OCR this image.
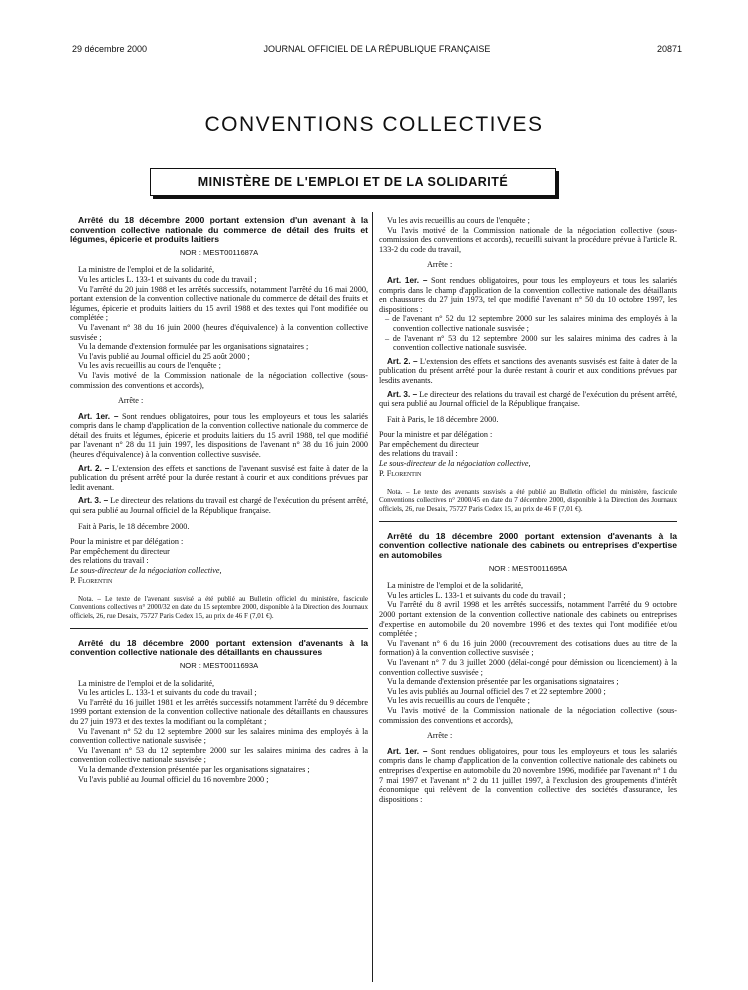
29 décembre 2000	JOURNAL OFFICIEL DE LA RÉPUBLIQUE FRANÇAISE	20871
CONVENTIONS COLLECTIVES
MINISTÈRE DE L'EMPLOI ET DE LA SOLIDARITÉ

Arrêté du 18 décembre 2000 portant extension d'un avenant à la convention collective nationale du commerce de détail des fruits et légumes, épicerie et produits laitiers

NOR : MEST0011687A

La ministre de l'emploi et de la solidarité,

Vu les articles L. 133-1 et suivants du code du travail ;

Vu l'arrêté du 20 juin 1988 et les arrêtés successifs, notamment l'arrêté du 16 mai 2000, portant extension de la convention collective nationale du commerce de détail des fruits et légumes, épicerie et produits laitiers du 15 avril 1988 et des textes qui l'ont modifiée ou complétée ;

Vu l'avenant n° 38 du 16 juin 2000 (heures d'équivalence) à la convention collective susvisée ;

Vu la demande d'extension formulée par les organisations signataires ;

Vu l'avis publié au Journal officiel du 25 août 2000 ;

Vu les avis recueillis au cours de l'enquête ;

Vu l'avis motivé de la Commission nationale de la négociation collective (sous-commission des conventions et accords),

Arrête :

Art. 1er. – Sont rendues obligatoires, pour tous les employeurs et tous les salariés compris dans le champ d'application de la convention collective nationale du commerce de détail des fruits et légumes, épicerie et produits laitiers du 15 avril 1988, tel que modifié par l'avenant n° 28 du 11 juin 1997, les dispositions de l'avenant n° 38 du 16 juin 2000 (heures d'équivalence) à la convention collective susvisée.

Art. 2. – L'extension des effets et sanctions de l'avenant susvisé est faite à dater de la publication du présent arrêté pour la durée restant à courir et aux conditions prévues par ledit avenant.

Art. 3. – Le directeur des relations du travail est chargé de l'exécution du présent arrêté, qui sera publié au Journal officiel de la République française.

Fait à Paris, le 18 décembre 2000.

Pour la ministre et par délégation :

Par empêchement du directeur

des relations du travail :

Le sous-directeur de la négociation collective,

P. Florentin

Nota. – Le texte de l'avenant susvisé a été publié au Bulletin officiel du ministère, fascicule Conventions collectives n° 2000/32 en date du 15 septembre 2000, disponible à la Direction des Journaux officiels, 26, rue Desaix, 75727 Paris Cedex 15, au prix de 46 F (7,01 €).

Arrêté du 18 décembre 2000 portant extension d'avenants à la convention collective nationale des détaillants en chaussures

NOR : MEST0011693A

La ministre de l'emploi et de la solidarité,

Vu les articles L. 133-1 et suivants du code du travail ;

Vu l'arrêté du 16 juillet 1981 et les arrêtés successifs notamment l'arrêté du 9 décembre 1999 portant extension de la convention collective nationale des détaillants en chaussures du 27 juin 1973 et des textes la modifiant ou la complétant ;

Vu l'avenant n° 52 du 12 septembre 2000 sur les salaires minima des employés à la convention collective nationale susvisée ;

Vu l'avenant n° 53 du 12 septembre 2000 sur les salaires minima des cadres à la convention collective nationale susvisée ;

Vu la demande d'extension présentée par les organisations signataires ;

Vu l'avis publié au Journal officiel du 16 novembre 2000 ;

Vu les avis recueillis au cours de l'enquête ;

Vu l'avis motivé de la Commission nationale de la négociation collective (sous-commission des conventions et accords), recueilli suivant la procédure prévue à l'article R. 133-2 du code du travail,

Arrête :

Art. 1er. – Sont rendues obligatoires, pour tous les employeurs et tous les salariés compris dans le champ d'application de la convention collective nationale des détaillants en chaussures du 27 juin 1973, tel que modifié l'avenant n° 50 du 10 octobre 1997, les dispositions :

– de l'avenant n° 52 du 12 septembre 2000 sur les salaires minima des employés à la convention collective nationale susvisée ;

– de l'avenant n° 53 du 12 septembre 2000 sur les salaires minima des cadres à la convention collective nationale susvisée.

Art. 2. – L'extension des effets et sanctions des avenants susvisés est faite à dater de la publication du présent arrêté pour la durée restant à courir et aux conditions prévues par lesdits avenants.

Art. 3. – Le directeur des relations du travail est chargé de l'exécution du présent arrêté, qui sera publié au Journal officiel de la République française.

Fait à Paris, le 18 décembre 2000.

Pour la ministre et par délégation :

Par empêchement du directeur

des relations du travail :

Le sous-directeur de la négociation collective,

P. Florentin

Nota. – Le texte des avenants susvisés a été publié au Bulletin officiel du ministère, fascicule Conventions collectives n° 2000/45 en date du 7 décembre 2000, disponible à la Direction des Journaux officiels, 26, rue Desaix, 75727 Paris Cedex 15, au prix de 46 F (7,01 €).

Arrêté du 18 décembre 2000 portant extension d'avenants à la convention collective nationale des cabinets ou entreprises d'expertise en automobiles

NOR : MEST0011695A

La ministre de l'emploi et de la solidarité,

Vu les articles L. 133-1 et suivants du code du travail ;

Vu l'arrêté du 8 avril 1998 et les arrêtés successifs, notamment l'arrêté du 9 octobre 2000 portant extension de la convention collective nationale des cabinets ou entreprises d'expertise en automobile du 20 novembre 1996 et des textes qui l'ont modifiée et/ou complétée ;

Vu l'avenant n° 6 du 16 juin 2000 (recouvrement des cotisations dues au titre de la formation) à la convention collective susvisée ;

Vu l'avenant n° 7 du 3 juillet 2000 (délai-congé pour démission ou licenciement) à la convention collective susvisée ;

Vu la demande d'extension présentée par les organisations signataires ;

Vu les avis publiés au Journal officiel des 7 et 22 septembre 2000 ;

Vu les avis recueillis au cours de l'enquête ;

Vu l'avis motivé de la Commission nationale de la négociation collective (sous-commission des conventions et accords),

Arrête :

Art. 1er. – Sont rendues obligatoires, pour tous les employeurs et tous les salariés compris dans le champ d'application de la convention collective nationale des cabinets ou entreprises d'expertise en automobile du 20 novembre 1996, modifiée par l'avenant n° 1 du 7 mai 1997 et l'avenant n° 2 du 11 juillet 1997, à l'exclusion des groupements d'intérêt économique qui relèvent de la convention collective des sociétés d'assurance, les dispositions :
